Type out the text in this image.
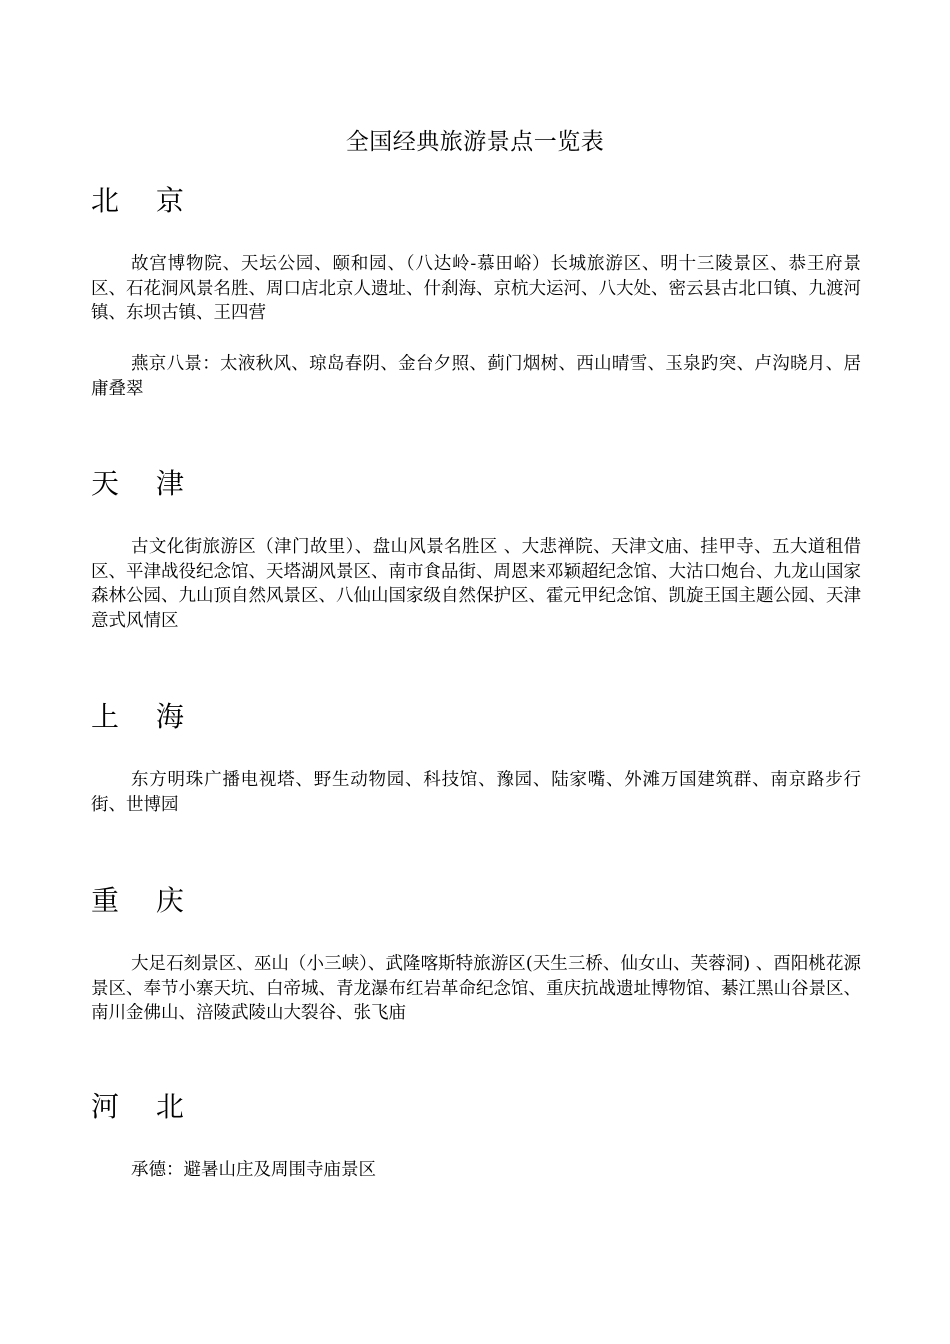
全国经典旅游景点一览表
北 京
故宫博物院、天坛公园、颐和园、（八达岭-慕田峪）长城旅游区、明十三陵景区、恭王府景区、石花洞风景名胜、周口店北京人遗址、什刹海、京杭大运河、八大处、密云县古北口镇、九渡河镇、东坝古镇、王四营
燕京八景：太液秋风、琼岛春阴、金台夕照、蓟门烟树、西山晴雪、玉泉趵突、卢沟晓月、居庸叠翠
天 津
古文化街旅游区（津门故里）、盘山风景名胜区 、大悲禅院、天津文庙、挂甲寺、五大道租借区、平津战役纪念馆、天塔湖风景区、南市食品街、周恩来邓颖超纪念馆、大沽口炮台、九龙山国家森林公园、九山顶自然风景区、八仙山国家级自然保护区、霍元甲纪念馆、凯旋王国主题公园、天津意式风情区
上 海
东方明珠广播电视塔、野生动物园、科技馆、豫园、陆家嘴、外滩万国建筑群、南京路步行街、世博园
重 庆
大足石刻景区、巫山（小三峡）、武隆喀斯特旅游区(天生三桥、仙女山、芙蓉洞) 、酉阳桃花源景区、奉节小寨天坑、白帝城、青龙瀑布红岩革命纪念馆、重庆抗战遗址博物馆、綦江黑山谷景区、南川金佛山、涪陵武陵山大裂谷、张飞庙
河 北
承德：避暑山庄及周围寺庙景区
